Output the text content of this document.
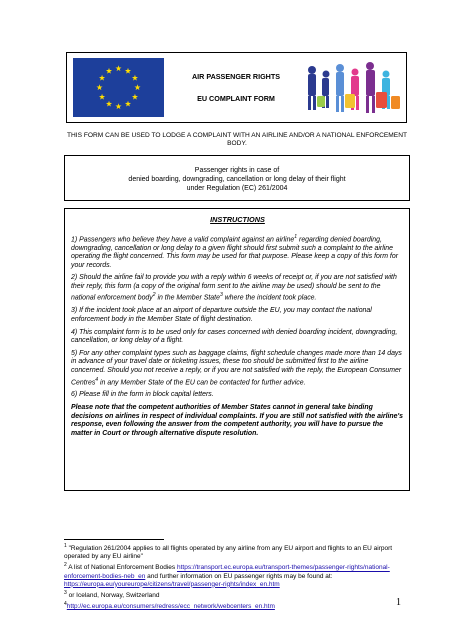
AIR PASSENGER RIGHTS
EU COMPLAINT FORM
THIS FORM CAN BE USED TO LODGE A COMPLAINT WITH AN AIRLINE AND/OR A NATIONAL ENFORCEMENT BODY.
Passenger rights in case of
denied boarding, downgrading, cancellation or long delay of their flight
under Regulation (EC) 261/2004
INSTRUCTIONS

1) Passengers who believe they have a valid complaint against an airline$^1$ regarding denied boarding, downgrading, cancellation or long delay to a given flight should first submit such a complaint to the airline operating the flight concerned. This form may be used for that purpose. Please keep a copy of this form for your records.

2) Should the airline fail to provide you with a reply within 6 weeks of receipt or, if you are not satisfied with their reply, this form (a copy of the original form sent to the airline may be used) should be sent to the national enforcement body$^2$ in the Member State$^3$ where the incident took place.

3) If the incident took place at an airport of departure outside the EU, you may contact the national enforcement body in the Member State of flight destination.

4) This complaint form is to be used only for cases concerned with denied boarding incident, downgrading, cancellation, or long delay of a flight.

5) For any other complaint types such as baggage claims, flight schedule changes made more than 14 days in advance of your travel date or ticketing issues, these too should be submitted first to the airline concerned. Should you not receive a reply, or if you are not satisfied with the reply, the European Consumer Centres$^4$ in any Member State of the EU can be contacted for further advice.

6) Please fill in the form in block capital letters.

Please note that the competent authorities of Member States cannot in general take binding decisions on airlines in respect of individual complaints. If you are still not satisfied with the airline's response, even following the answer from the competent authority, you will have to pursue the matter in Court or through alternative dispute resolution.

$^1$ "Regulation 261/2004 applies to all flights operated by any airline from any EU airport and flights to an EU airport operated by any EU airline"

$^2$ A list of National Enforcement Bodies https://transport.ec.europa.eu/transport-themes/passenger-rights/national-enforcement-bodies-neb_en and further information on EU passenger rights may be found at: https://europa.eu/youreurope/citizens/travel/passenger-rights/index_en.htm

$^3$ or Iceland, Norway, Switzerland

$^4$http://ec.europa.eu/consumers/redress/ecc_network/webcenters_en.htm	1
